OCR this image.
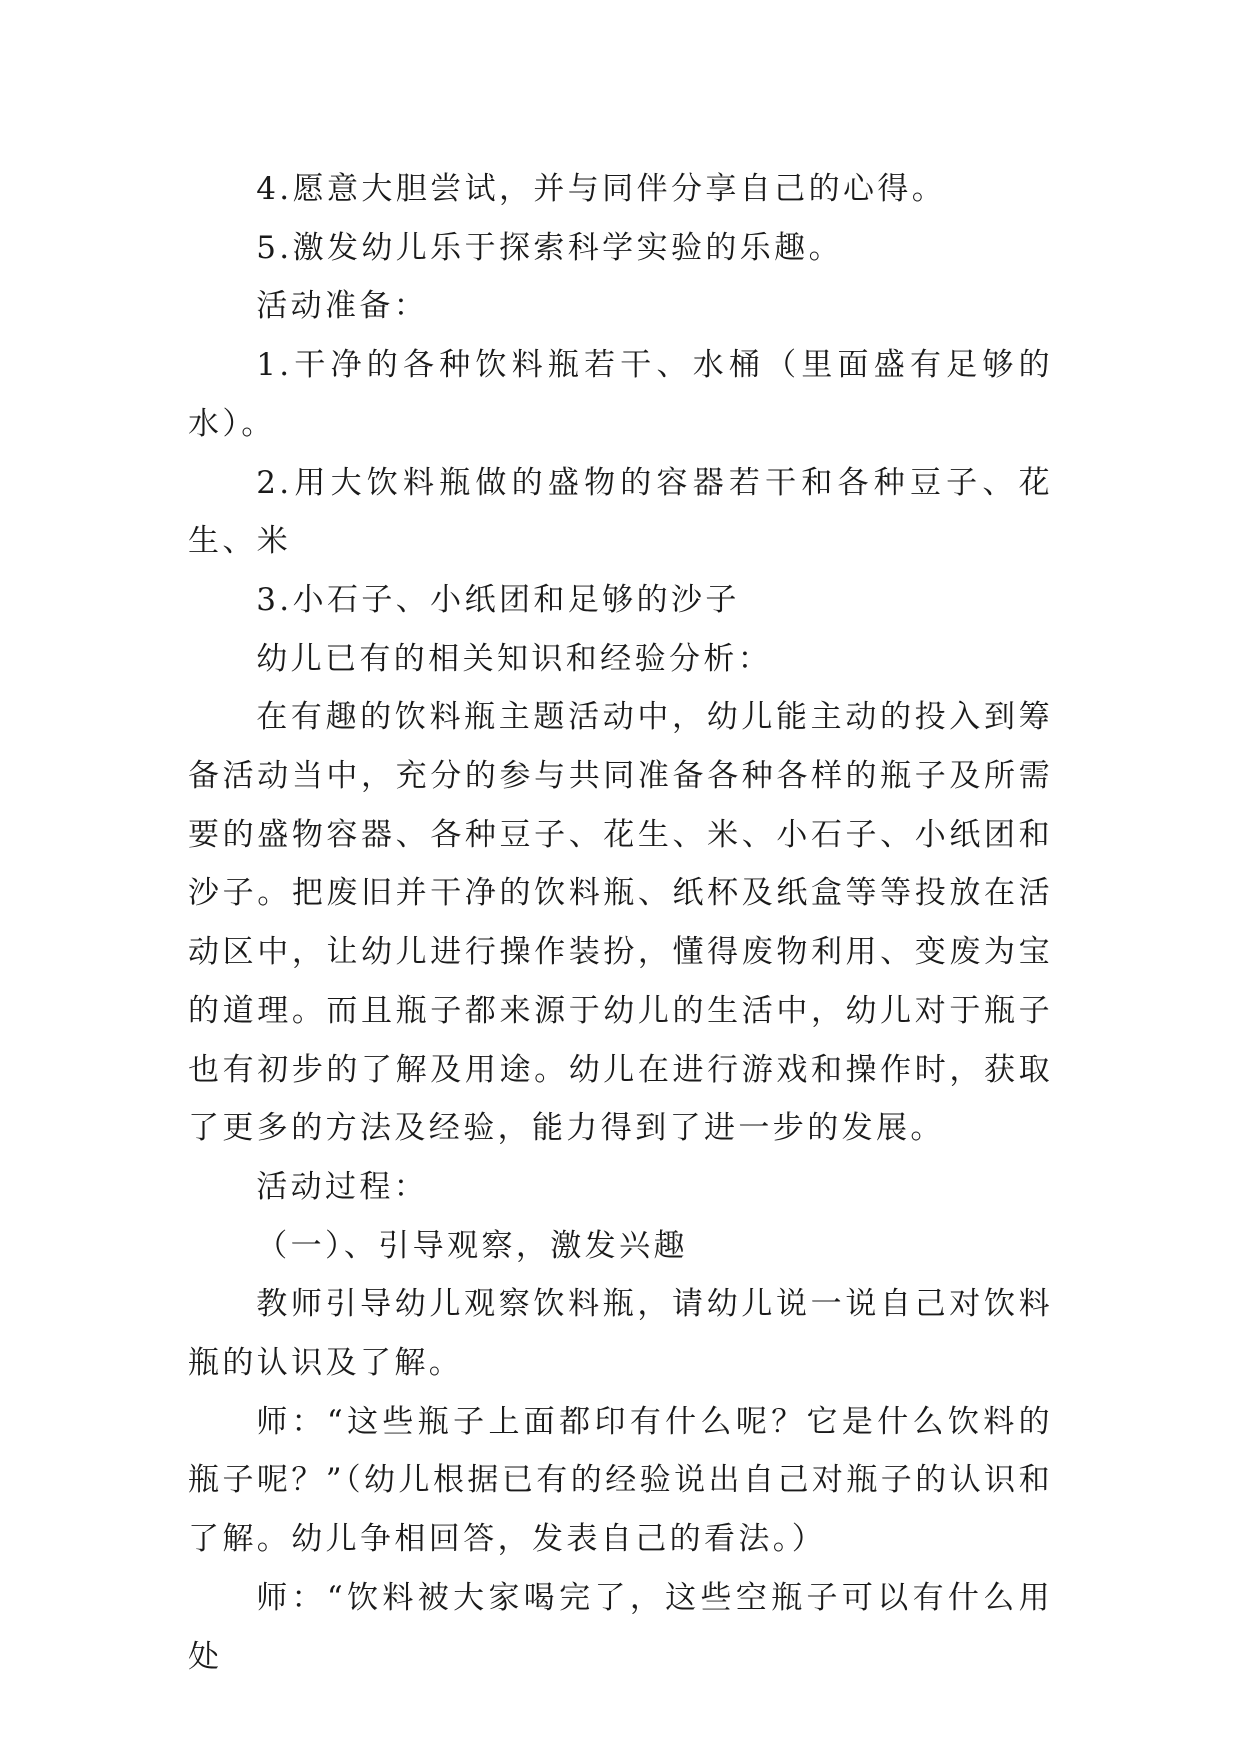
4.愿意大胆尝试，并与同伴分享自己的心得。

5.激发幼儿乐于探索科学实验的乐趣。

活动准备：

1.干净的各种饮料瓶若干、水桶（里面盛有足够的水）。

2.用大饮料瓶做的盛物的容器若干和各种豆子、花生、米

3.小石子、小纸团和足够的沙子

幼儿已有的相关知识和经验分析：

在有趣的饮料瓶主题活动中，幼儿能主动的投入到筹备活动当中，充分的参与共同准备各种各样的瓶子及所需要的盛物容器、各种豆子、花生、米、小石子、小纸团和沙子。把废旧并干净的饮料瓶、纸杯及纸盒等等投放在活动区中，让幼儿进行操作装扮，懂得废物利用、变废为宝的道理。而且瓶子都来源于幼儿的生活中，幼儿对于瓶子也有初步的了解及用途。幼儿在进行游戏和操作时，获取了更多的方法及经验，能力得到了进一步的发展。

活动过程：

（一）、引导观察，激发兴趣

教师引导幼儿观察饮料瓶，请幼儿说一说自己对饮料瓶的认识及了解。

师：“这些瓶子上面都印有什么呢？它是什么饮料的瓶子呢？”（幼儿根据已有的经验说出自己对瓶子的认识和了解。幼儿争相回答，发表自己的看法。）

师：“饮料被大家喝完了，这些空瓶子可以有什么用处
